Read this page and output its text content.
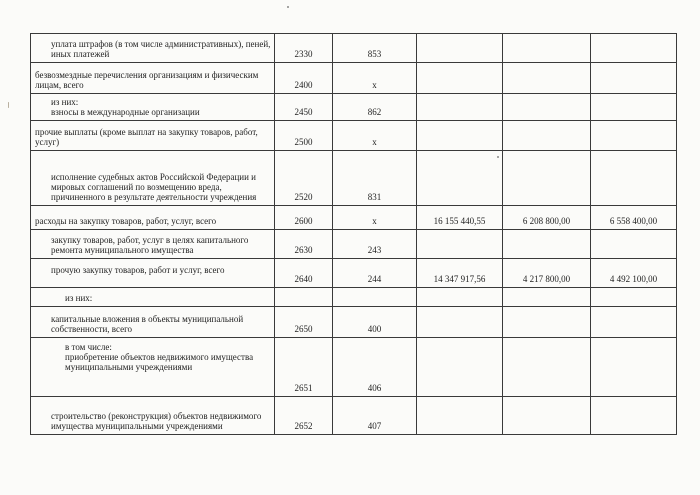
уплата штрафов (в том числе административных), пеней, иных платежей	2330	853			
безвозмездные перечисления организациям и физическим лицам, всего	2400	х			
из них:
взносы в международные организации	2450	862			
прочие выплаты (кроме выплат на закупку товаров, работ, услуг)	2500	х			
исполнение судебных актов Российской Федерации и мировых соглашений по возмещению вреда, причиненного в результате деятельности учреждения	2520	831			
расходы на закупку товаров, работ, услуг, всего	2600	х	16 155 440,55	6 208 800,00	6 558 400,00
закупку товаров, работ, услуг в целях капитального ремонта муниципального имущества	2630	243			
прочую закупку товаров, работ и услуг, всего	2640	244	14 347 917,56	4 217 800,00	4 492 100,00
из них:					
капитальные вложения в объекты муниципальной собственности, всего	2650	400			
в том числе:
приобретение объектов недвижимого имущества муниципальными учреждениями	2651	406			
строительство (реконструкция) объектов недвижимого имущества муниципальными учреждениями	2652	407			
